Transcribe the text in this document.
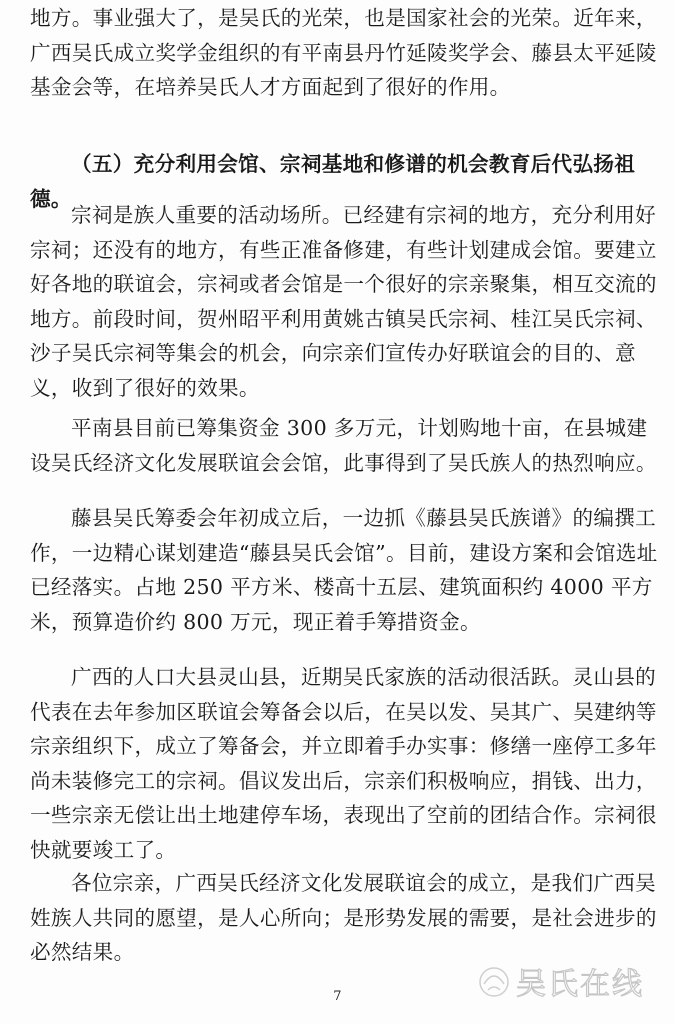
地方。事业强大了，是吴氏的光荣，也是国家社会的光荣。近年来，广西吴氏成立奖学金组织的有平南县丹竹延陵奖学会、藤县太平延陵基金会等，在培养吴氏人才方面起到了很好的作用。

（五）充分利用会馆、宗祠基地和修谱的机会教育后代弘扬祖德。

宗祠是族人重要的活动场所。已经建有宗祠的地方，充分利用好宗祠；还没有的地方，有些正准备修建，有些计划建成会馆。要建立好各地的联谊会，宗祠或者会馆是一个很好的宗亲聚集，相互交流的地方。前段时间，贺州昭平利用黄姚古镇吴氏宗祠、桂江吴氏宗祠、沙子吴氏宗祠等集会的机会，向宗亲们宣传办好联谊会的目的、意义，收到了很好的效果。

平南县目前已筹集资金 300 多万元，计划购地十亩，在县城建设吴氏经济文化发展联谊会会馆，此事得到了吴氏族人的热烈响应。

藤县吴氏筹委会年初成立后，一边抓《藤县吴氏族谱》的编撰工作，一边精心谋划建造“藤县吴氏会馆”。目前，建设方案和会馆选址已经落实。占地 250 平方米、楼高十五层、建筑面积约 4000 平方米，预算造价约 800 万元，现正着手筹措资金。

广西的人口大县灵山县，近期吴氏家族的活动很活跃。灵山县的代表在去年参加区联谊会筹备会以后，在吴以发、吴其广、吴建纳等宗亲组织下，成立了筹备会，并立即着手办实事：修缮一座停工多年尚未装修完工的宗祠。倡议发出后，宗亲们积极响应，捐钱、出力，一些宗亲无偿让出土地建停车场，表现出了空前的团结合作。宗祠很快就要竣工了。

各位宗亲，广西吴氏经济文化发展联谊会的成立，是我们广西吴姓族人共同的愿望，是人心所向；是形势发展的需要，是社会进步的必然结果。

吴氏在线
7
